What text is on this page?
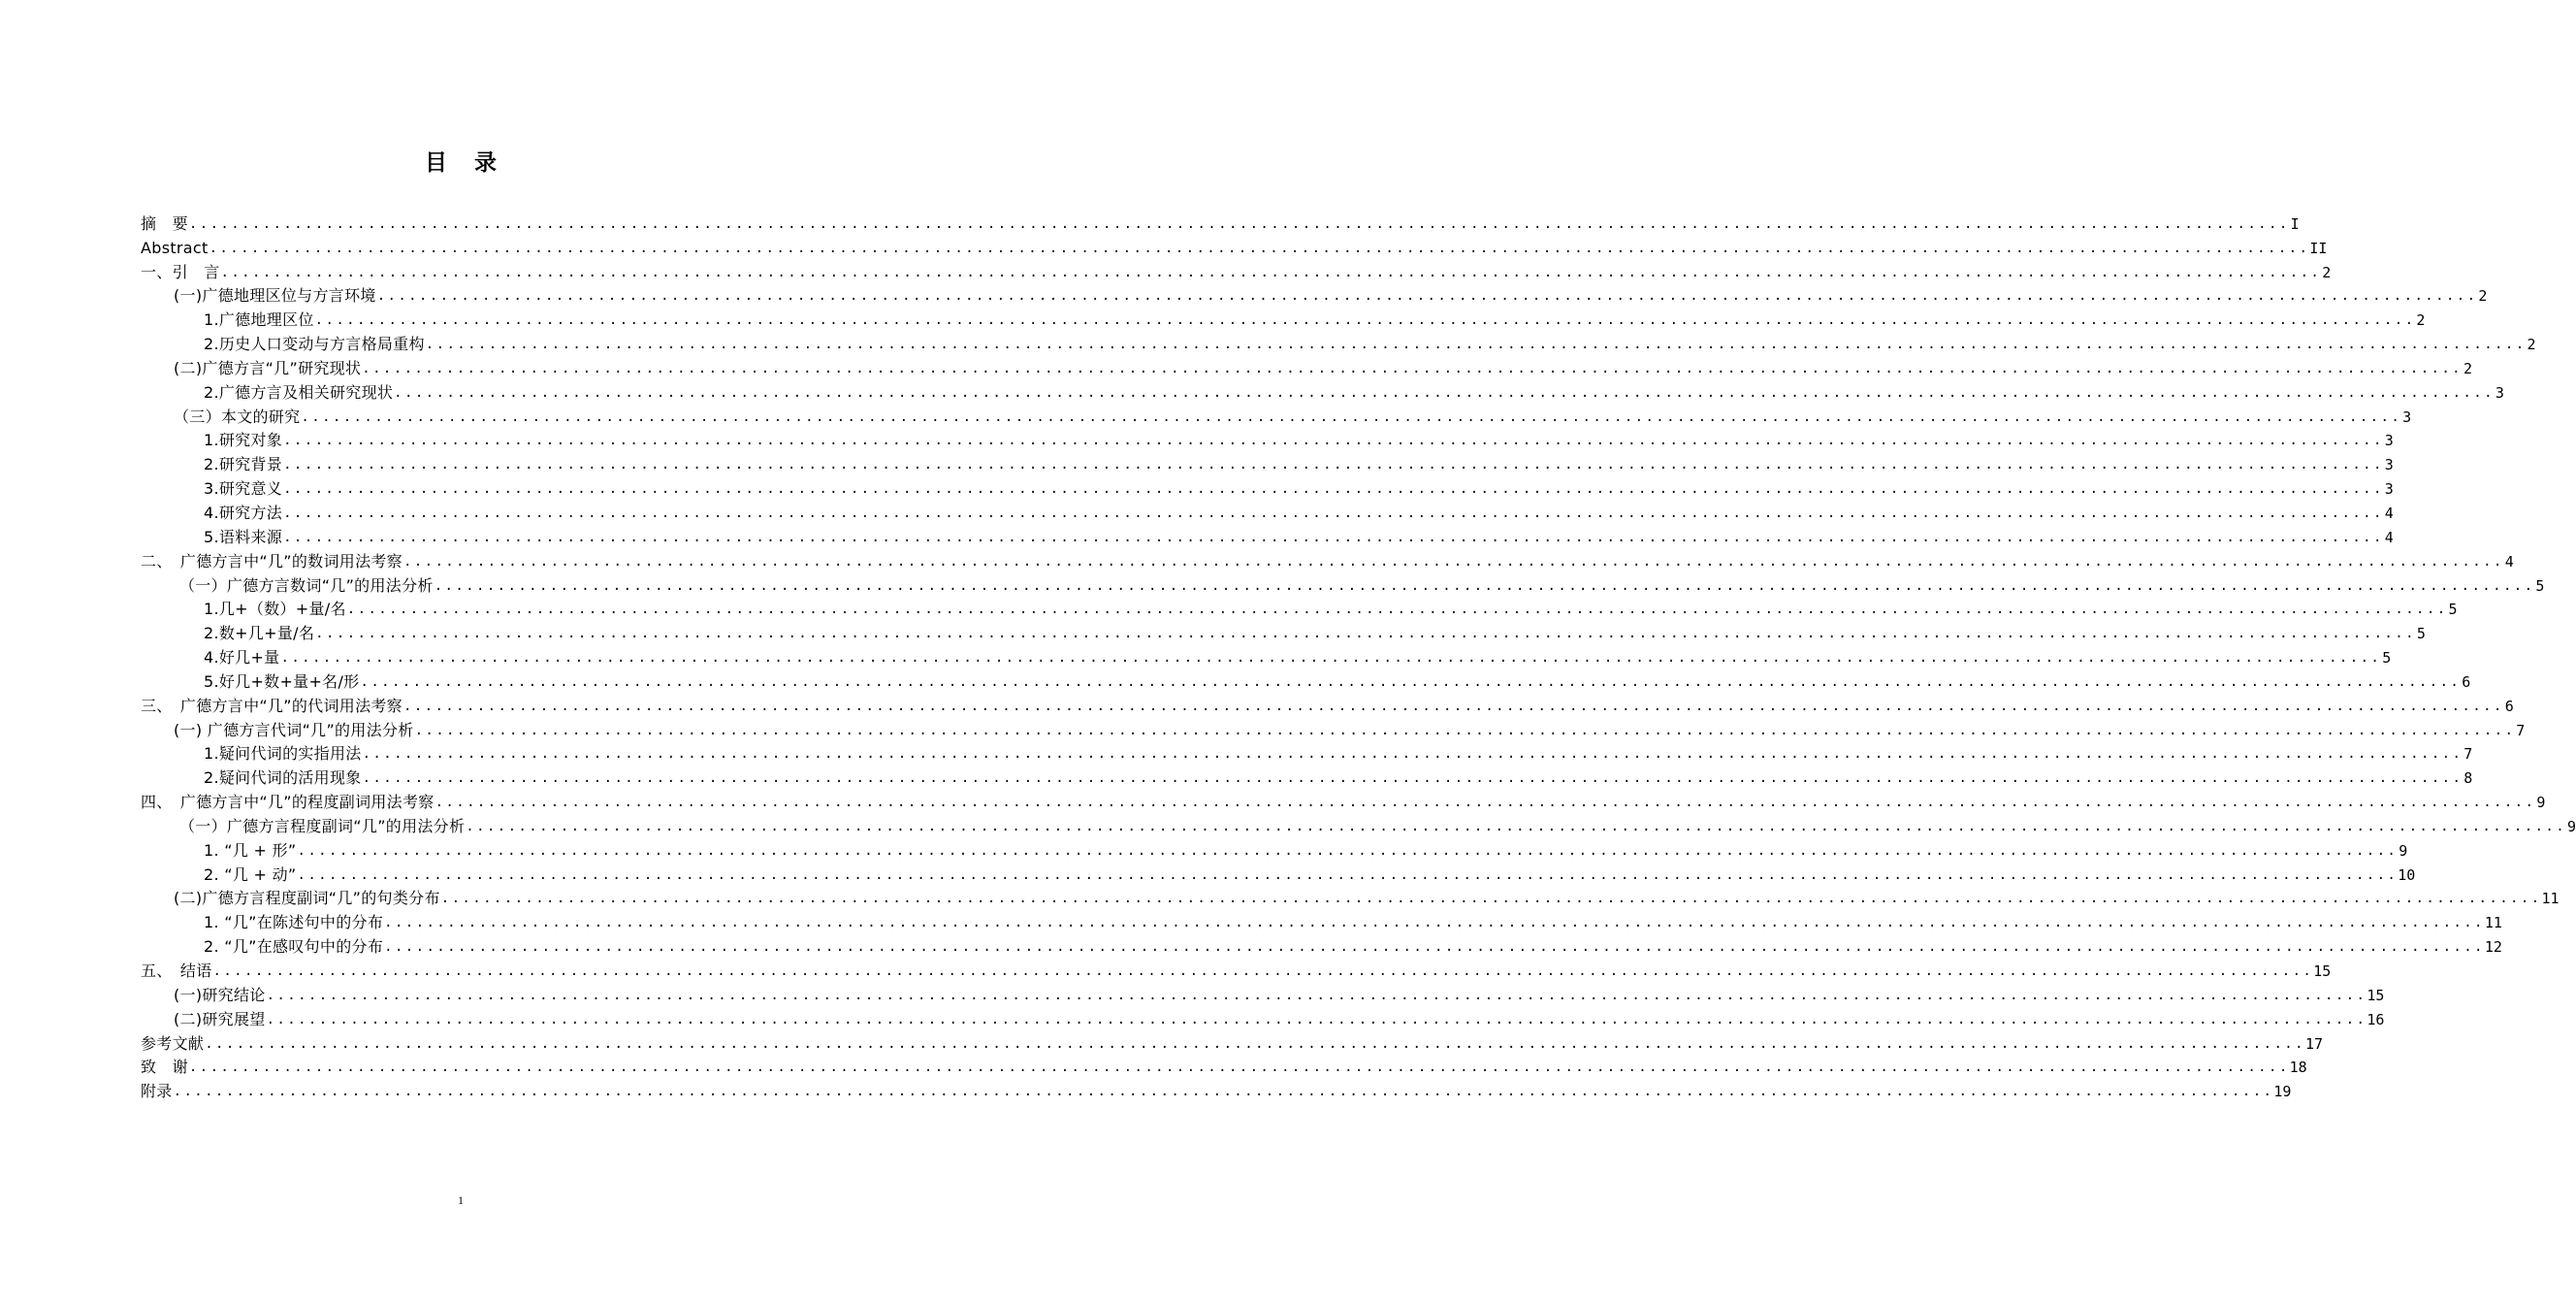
目录
摘　要 ........................................................................................................................................................................................................ I
Abstract ........................................................................................................................................................................................................ II
一、引　言 ........................................................................................................................................................................................................ 2
(一)广德地理区位与方言环境 ........................................................................................................................................................................................................ 2
1.广德地理区位 ........................................................................................................................................................................................................ 2
2.历史人口变动与方言格局重构 ........................................................................................................................................................................................................ 2
(二)广德方言“几”研究现状 ........................................................................................................................................................................................................ 2
2.广德方言及相关研究现状 ........................................................................................................................................................................................................ 3
（三）本文的研究 ........................................................................................................................................................................................................ 3
1.研究对象 ........................................................................................................................................................................................................ 3
2.研究背景 ........................................................................................................................................................................................................ 3
3.研究意义 ........................................................................................................................................................................................................ 3
4.研究方法 ........................................................................................................................................................................................................ 4
5.语料来源 ........................................................................................................................................................................................................ 4
二、　广德方言中“几”的数词用法考察 ........................................................................................................................................................................................................ 4
（一）广德方言数词“几”的用法分析 ........................................................................................................................................................................................................ 5
1.几+（数）+量/名 ........................................................................................................................................................................................................ 5
2.数+几+量/名 ........................................................................................................................................................................................................ 5
4.好几+量 ........................................................................................................................................................................................................ 5
5.好几+数+量+名/形 ........................................................................................................................................................................................................ 6
三、　广德方言中“几”的代词用法考察 ........................................................................................................................................................................................................ 6
(一) 广德方言代词“几”的用法分析 ........................................................................................................................................................................................................ 7
1.疑问代词的实指用法 ........................................................................................................................................................................................................ 7
2.疑问代词的活用现象 ........................................................................................................................................................................................................ 8
四、　广德方言中“几”的程度副词用法考察 ........................................................................................................................................................................................................ 9
（一）广德方言程度副词“几”的用法分析 ........................................................................................................................................................................................................ 9
1. “几 + 形” ........................................................................................................................................................................................................ 9
2. “几 + 动” ........................................................................................................................................................................................................ 10
(二)广德方言程度副词“几”的句类分布 ........................................................................................................................................................................................................ 11
1. “几”在陈述句中的分布 ........................................................................................................................................................................................................ 11
2. “几”在感叹句中的分布 ........................................................................................................................................................................................................ 12
五、　结语 ........................................................................................................................................................................................................ 15
(一)研究结论 ........................................................................................................................................................................................................ 15
(二)研究展望 ........................................................................................................................................................................................................ 16
参考文献 ........................................................................................................................................................................................................ 17
致　谢 ........................................................................................................................................................................................................ 18
附录 ........................................................................................................................................................................................................ 19
1
